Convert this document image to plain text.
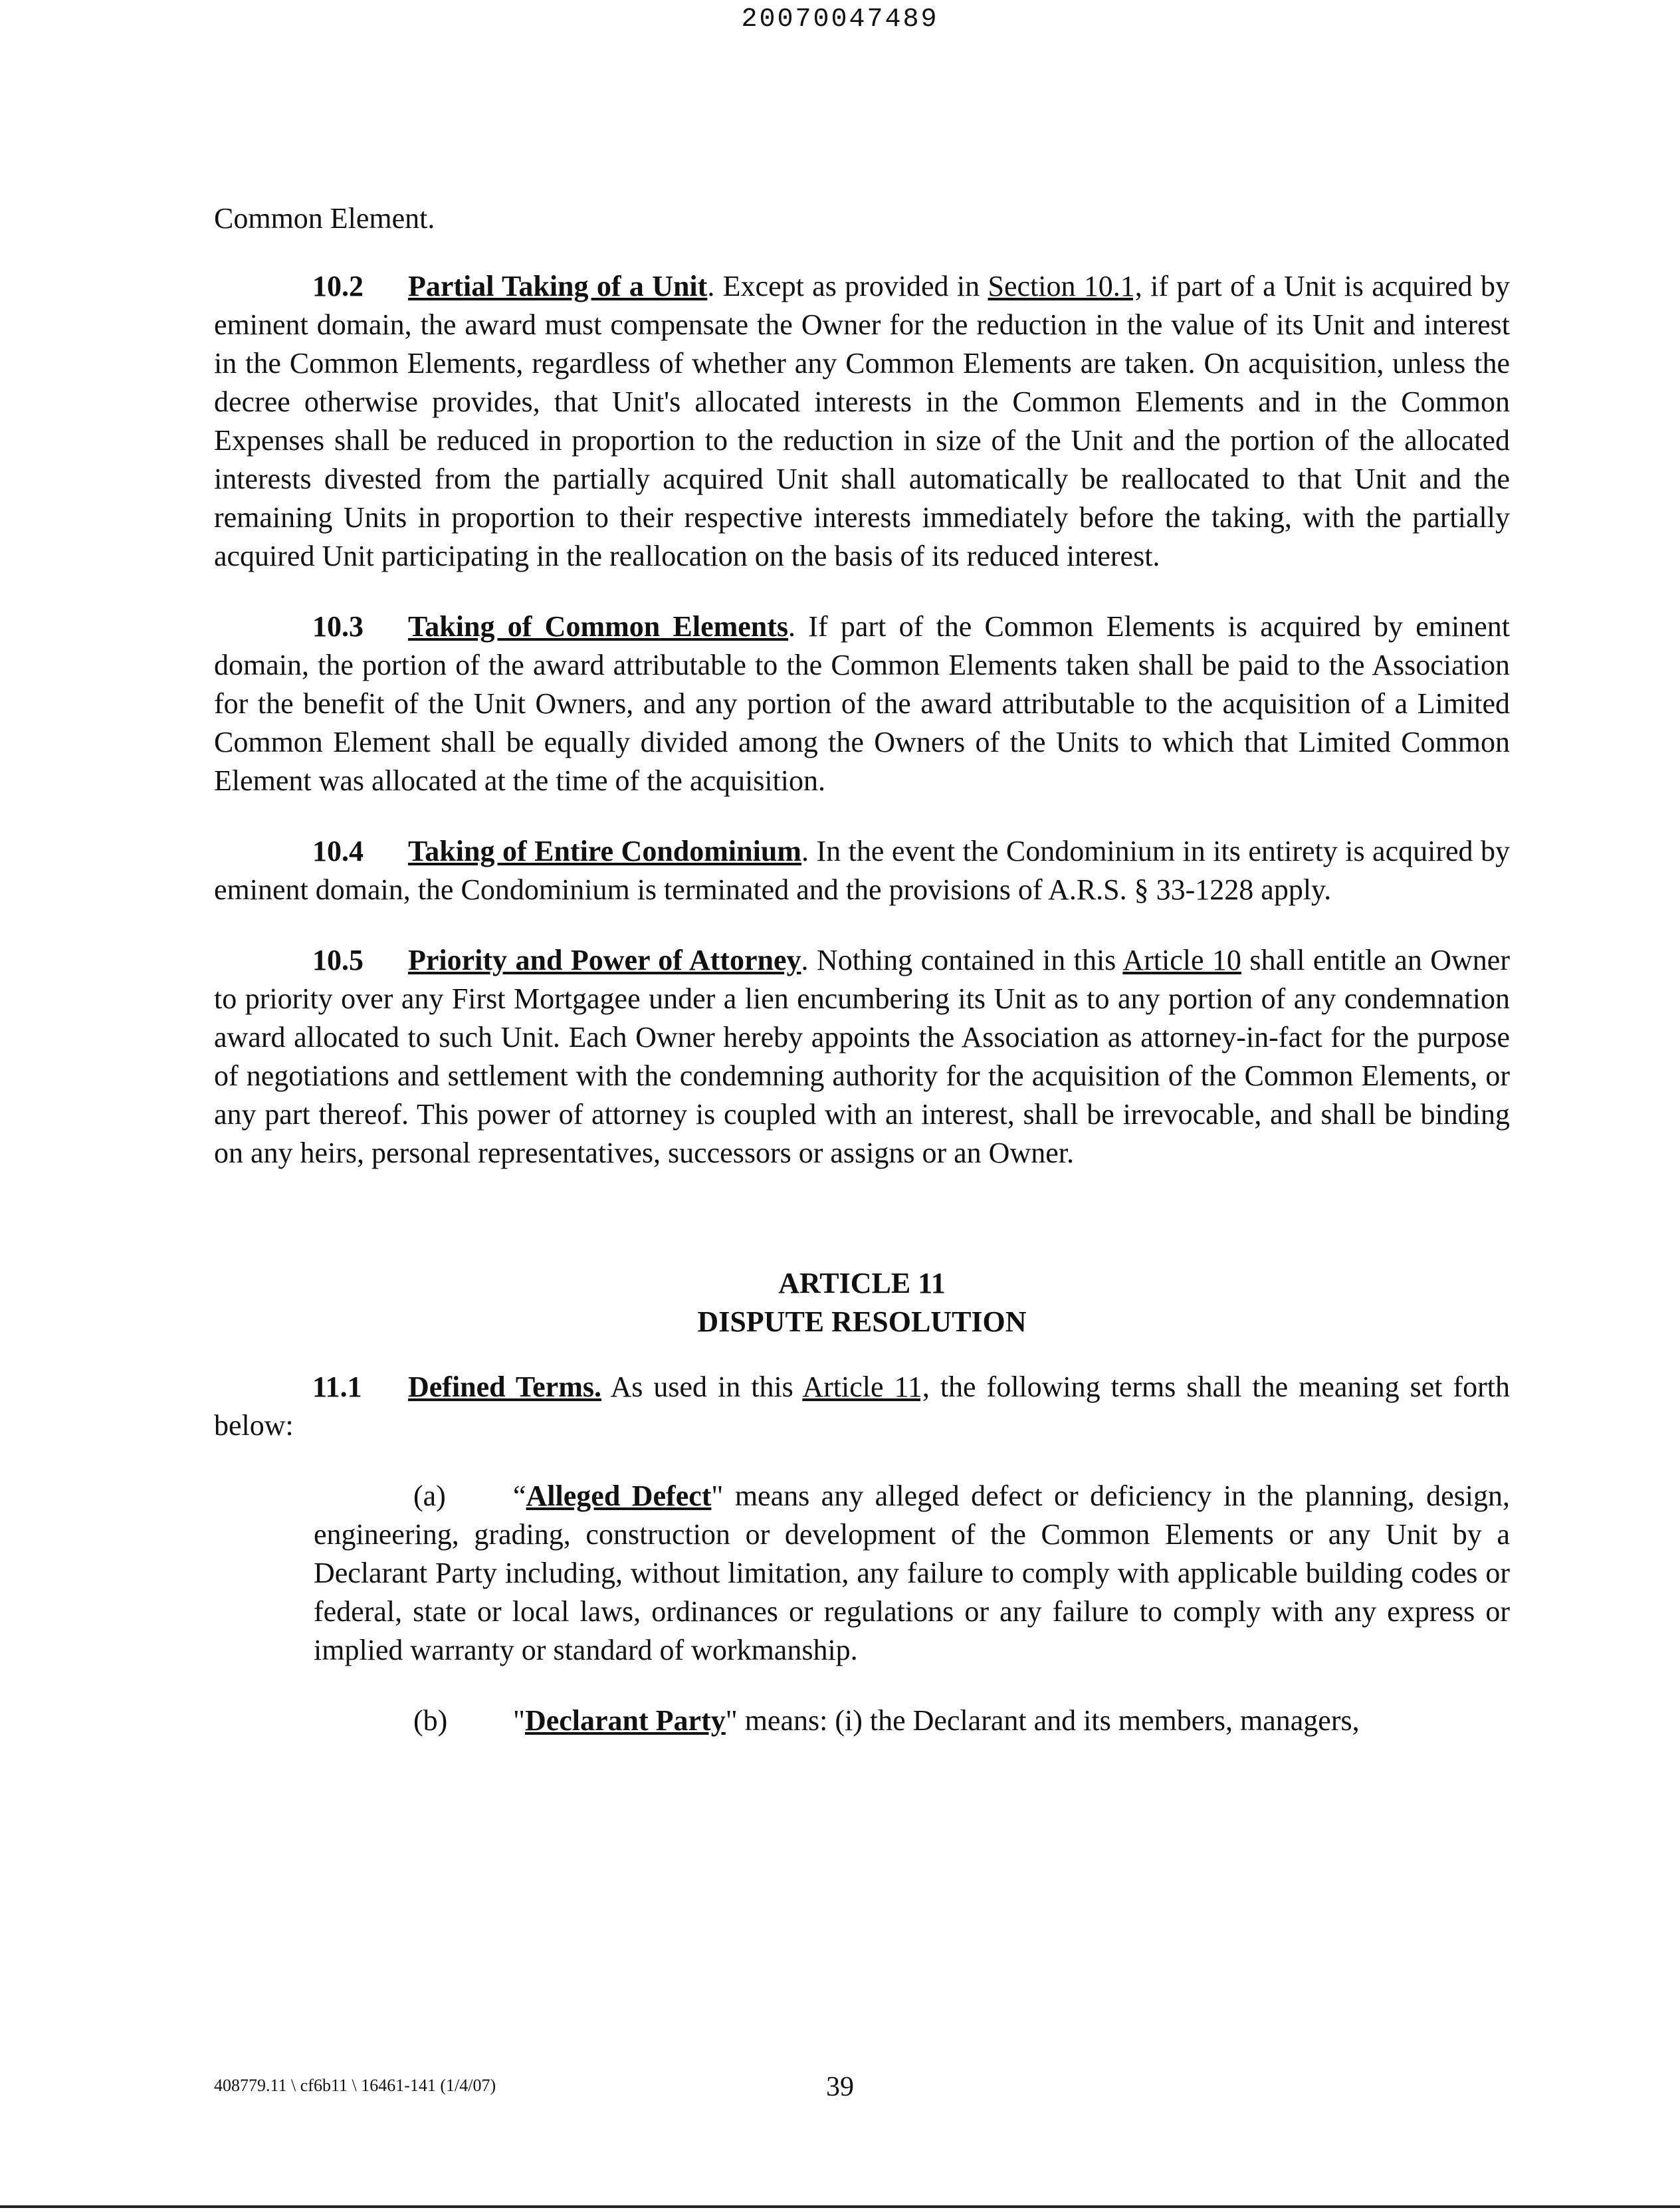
20070047489

Common Element.

10.2 Partial Taking of a Unit. Except as provided in Section 10.1, if part of a Unit is acquired by eminent domain, the award must compensate the Owner for the reduction in the value of its Unit and interest in the Common Elements, regardless of whether any Common Elements are taken. On acquisition, unless the decree otherwise provides, that Unit's allocated interests in the Common Elements and in the Common Expenses shall be reduced in proportion to the reduction in size of the Unit and the portion of the allocated interests divested from the partially acquired Unit shall automatically be reallocated to that Unit and the remaining Units in proportion to their respective interests immediately before the taking, with the partially acquired Unit participating in the reallocation on the basis of its reduced interest.

10.3 Taking of Common Elements. If part of the Common Elements is acquired by eminent domain, the portion of the award attributable to the Common Elements taken shall be paid to the Association for the benefit of the Unit Owners, and any portion of the award attributable to the acquisition of a Limited Common Element shall be equally divided among the Owners of the Units to which that Limited Common Element was allocated at the time of the acquisition.

10.4 Taking of Entire Condominium. In the event the Condominium in its entirety is acquired by eminent domain, the Condominium is terminated and the provisions of A.R.S. § 33-1228 apply.

10.5 Priority and Power of Attorney. Nothing contained in this Article 10 shall entitle an Owner to priority over any First Mortgagee under a lien encumbering its Unit as to any portion of any condemnation award allocated to such Unit. Each Owner hereby appoints the Association as attorney-in-fact for the purpose of negotiations and settlement with the condemning authority for the acquisition of the Common Elements, or any part thereof. This power of attorney is coupled with an interest, shall be irrevocable, and shall be binding on any heirs, personal representatives, successors or assigns or an Owner.

ARTICLE 11
DISPUTE RESOLUTION

11.1 Defined Terms. As used in this Article 11, the following terms shall the meaning set forth below:

(a) “Alleged Defect" means any alleged defect or deficiency in the planning, design, engineering, grading, construction or development of the Common Elements or any Unit by a Declarant Party including, without limitation, any failure to comply with applicable building codes or federal, state or local laws, ordinances or regulations or any failure to comply with any express or implied warranty or standard of workmanship.

(b) "Declarant Party" means: (i) the Declarant and its members, managers,

408779.11 \ cf6b11 \ 16461-141 (1/4/07)	39
